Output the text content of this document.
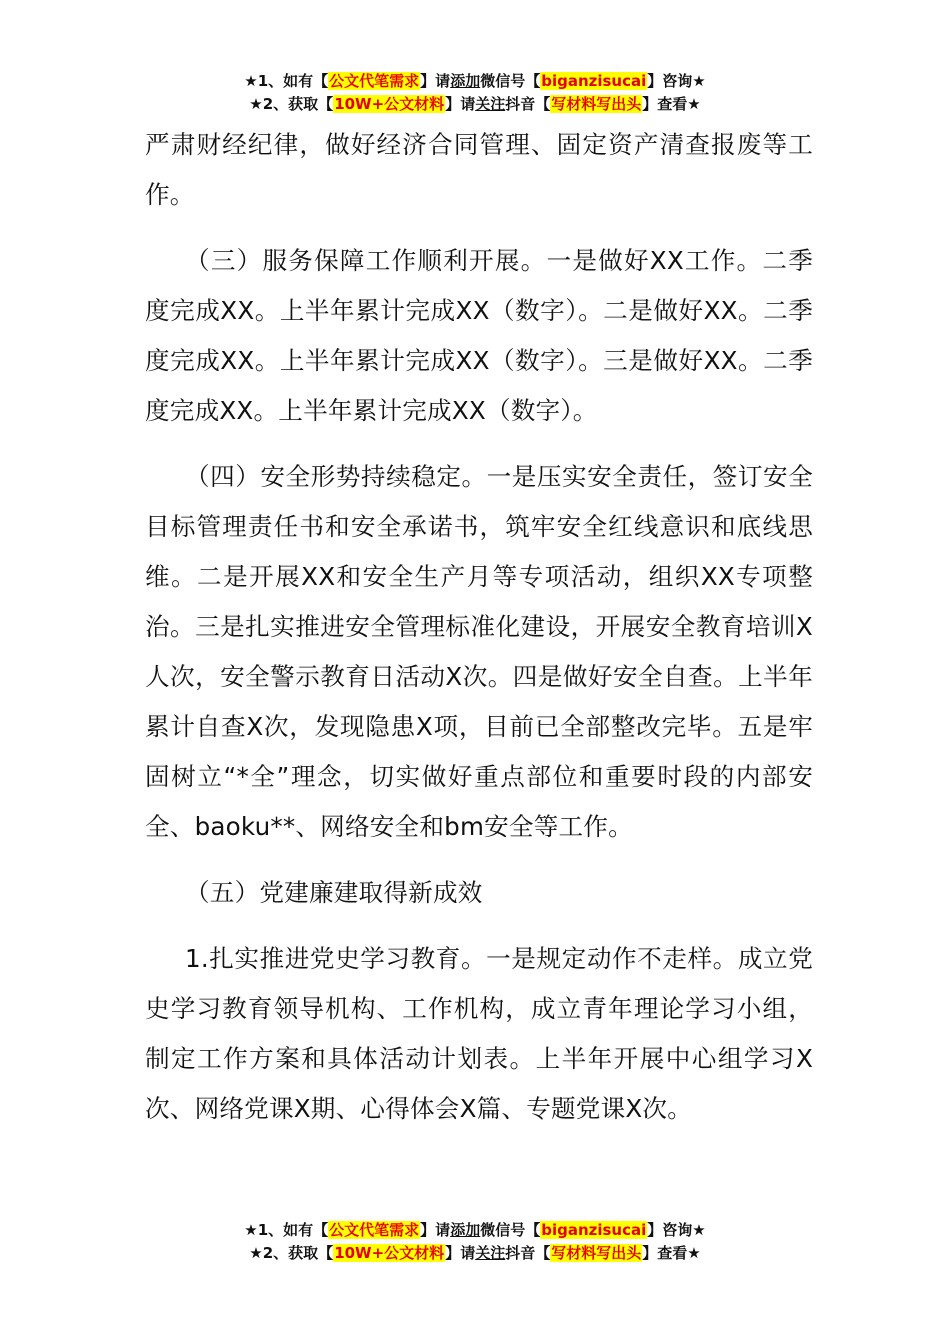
★1、如有【公文代笔需求】请添加微信号【biganzisucai】咨询★
★2、获取【10W+公文材料】请关注抖音【写材料写出头】查看★

严肃财经纪律，做好经济合同管理、固定资产清查报废等工作。

（三）服务保障工作顺利开展。一是做好XX工作。二季度完成XX。上半年累计完成XX（数字）。二是做好XX。二季度完成XX。上半年累计完成XX（数字）。三是做好XX。二季度完成XX。上半年累计完成XX（数字）。

（四）安全形势持续稳定。一是压实安全责任，签订安全目标管理责任书和安全承诺书，筑牢安全红线意识和底线思维。二是开展XX和安全生产月等专项活动，组织XX专项整治。三是扎实推进安全管理标准化建设，开展安全教育培训X人次，安全警示教育日活动X次。四是做好安全自查。上半年累计自查X次，发现隐患X项，目前已全部整改完毕。五是牢固树立“*全”理念，切实做好重点部位和重要时段的内部安全、baoku**、网络安全和bm安全等工作。

（五）党建廉建取得新成效

1.扎实推进党史学习教育。一是规定动作不走样。成立党史学习教育领导机构、工作机构，成立青年理论学习小组，制定工作方案和具体活动计划表。上半年开展中心组学习X次、网络党课X期、心得体会X篇、专题党课X次。

★1、如有【公文代笔需求】请添加微信号【biganzisucai】咨询★
★2、获取【10W+公文材料】请关注抖音【写材料写出头】查看★
